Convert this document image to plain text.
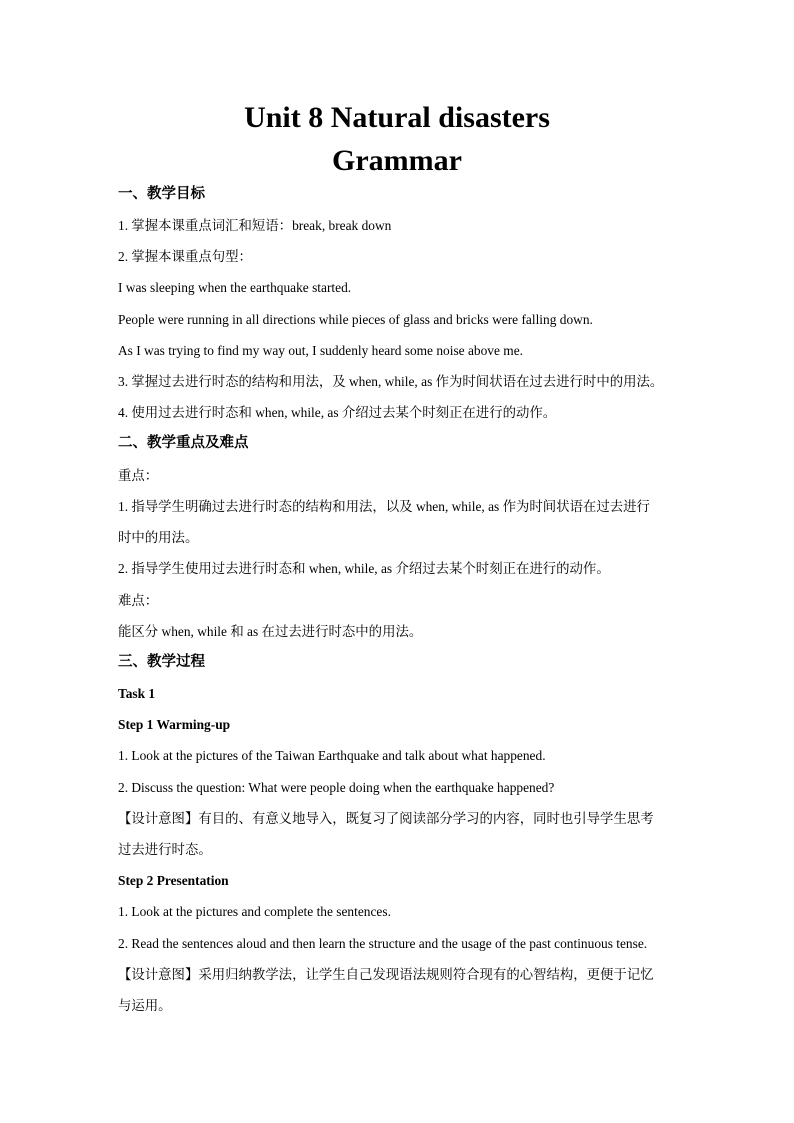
Unit 8 Natural disasters
Grammar
一、教学目标
1. 掌握本课重点词汇和短语：break, break down
2. 掌握本课重点句型：
I was sleeping when the earthquake started.
People were running in all directions while pieces of glass and bricks were falling down.
As I was trying to find my way out, I suddenly heard some noise above me.
3. 掌握过去进行时态的结构和用法，及 when, while, as 作为时间状语在过去进行时中的用法。
4. 使用过去进行时态和 when, while, as 介绍过去某个时刻正在进行的动作。
二、教学重点及难点
重点：
1. 指导学生明确过去进行时态的结构和用法，以及 when, while, as 作为时间状语在过去进行
时中的用法。
2. 指导学生使用过去进行时态和 when, while, as 介绍过去某个时刻正在进行的动作。
难点：
能区分 when, while 和 as 在过去进行时态中的用法。
三、教学过程
Task 1
Step 1 Warming-up
1. Look at the pictures of the Taiwan Earthquake and talk about what happened.
2. Discuss the question: What were people doing when the earthquake happened?
【设计意图】有目的、有意义地导入，既复习了阅读部分学习的内容，同时也引导学生思考
过去进行时态。
Step 2 Presentation
1. Look at the pictures and complete the sentences.
2. Read the sentences aloud and then learn the structure and the usage of the past continuous tense.
【设计意图】采用归纳教学法，让学生自己发现语法规则符合现有的心智结构，更便于记忆
与运用。
